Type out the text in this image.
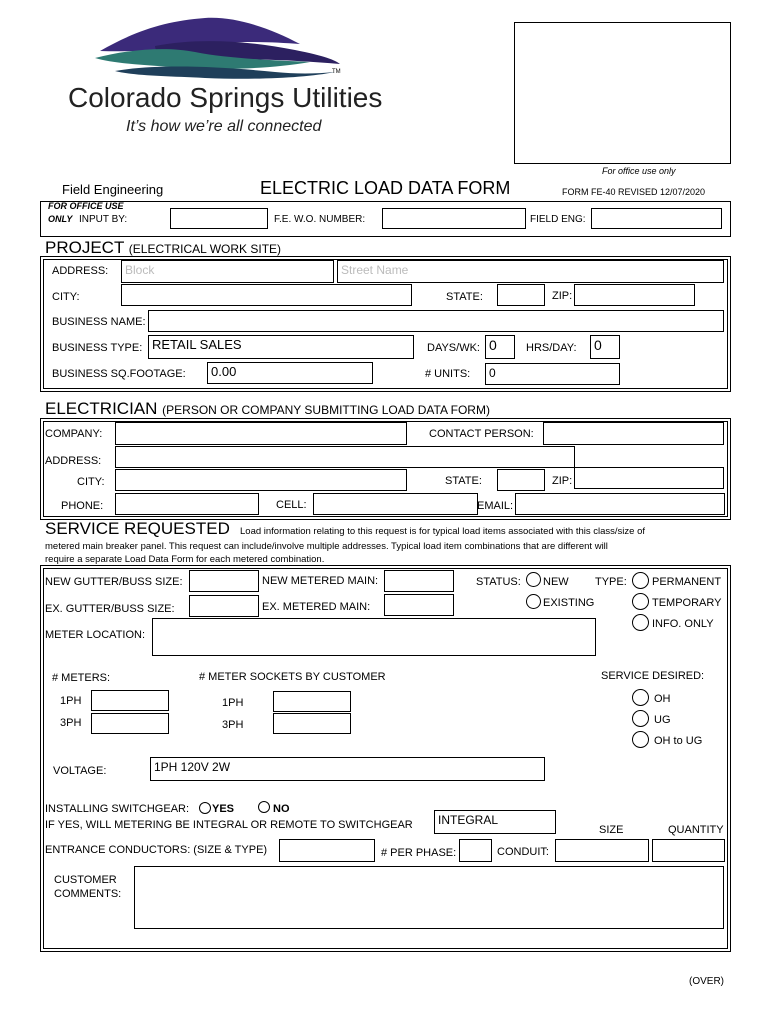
TM
Colorado Springs Utilities
It’s how we’re all connected
For office use only
Field Engineering	ELECTRIC LOAD DATA FORM	FORM FE-40 REVISED 12/07/2020
FOR OFFICE USE
ONLY INPUT BY:	F.E. W.O. NUMBER:	FIELD ENG:
PROJECT (ELECTRICAL WORK SITE)
ADDRESS:	Block	Street Name
CITY:	STATE:	ZIP:
BUSINESS NAME:
BUSINESS TYPE: RETAIL SALES	DAYS/WK: 0	HRS/DAY: 0
BUSINESS SQ.FOOTAGE:	0.00	# UNITS:	0
ELECTRICIAN (PERSON OR COMPANY SUBMITTING LOAD DATA FORM)
COMPANY:	CONTACT PERSON:
ADDRESS:
CITY:	STATE:	ZIP:
PHONE:	CELL:	EMAIL:
SERVICE REQUESTED Load information relating to this request is for typical load items associated with this class/size of
metered main breaker panel. This request can include/involve multiple addresses. Typical load item combinations that are different will
require a separate Load Data Form for each metered combination.
NEW GUTTER/BUSS SIZE:	NEW METERED MAIN:
EX. GUTTER/BUSS SIZE:	EX. METERED MAIN:
STATUS: NEW
EXISTING
TYPE: PERMANENT
TEMPORARY
INFO. ONLY
METER LOCATION:
# METERS:	# METER SOCKETS BY CUSTOMER	SERVICE DESIRED:
1PH
3PH
1PH
3PH
OH
UG
OH to UG
VOLTAGE:	1PH 120V 2W
INSTALLING SWITCHGEAR: YES	NO
IF YES, WILL METERING BE INTEGRAL OR REMOTE TO SWITCHGEAR	INTEGRAL
SIZE	QUANTITY
ENTRANCE CONDUCTORS: (SIZE & TYPE)	# PER PHASE:	CONDUIT:
CUSTOMER
COMMENTS:
(OVER)
